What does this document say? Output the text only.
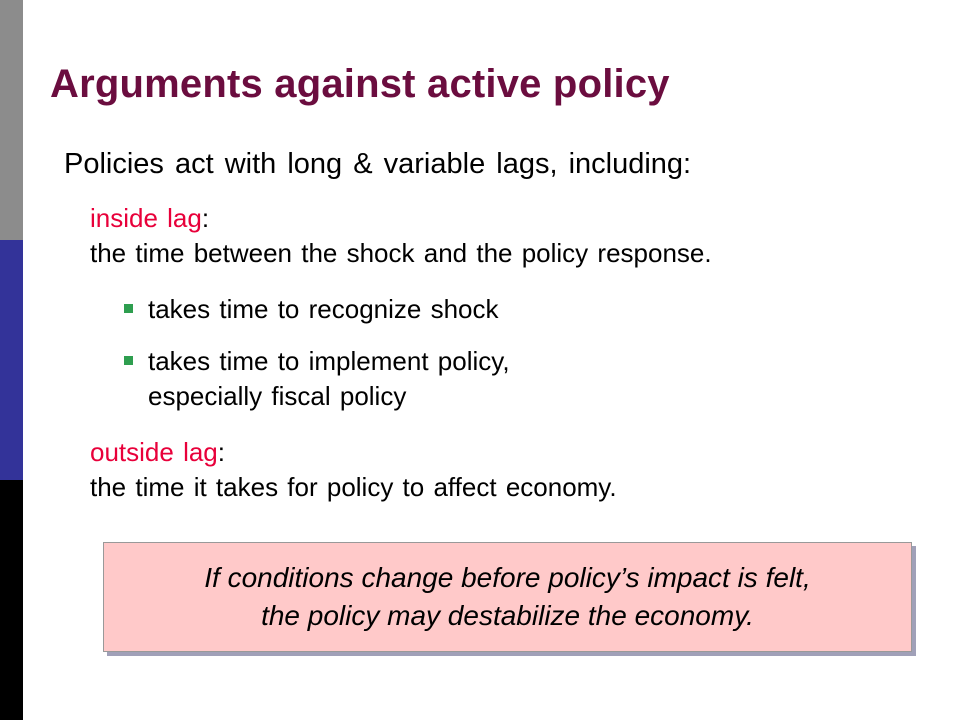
Arguments against active policy
Policies act with long & variable lags, including:
inside lag:
the time between the shock and the policy response.
takes time to recognize shock
takes time to implement policy,
especially fiscal policy
outside lag:
the time it takes for policy to affect economy.
If conditions change before policy’s impact is felt,
the policy may destabilize the economy.
